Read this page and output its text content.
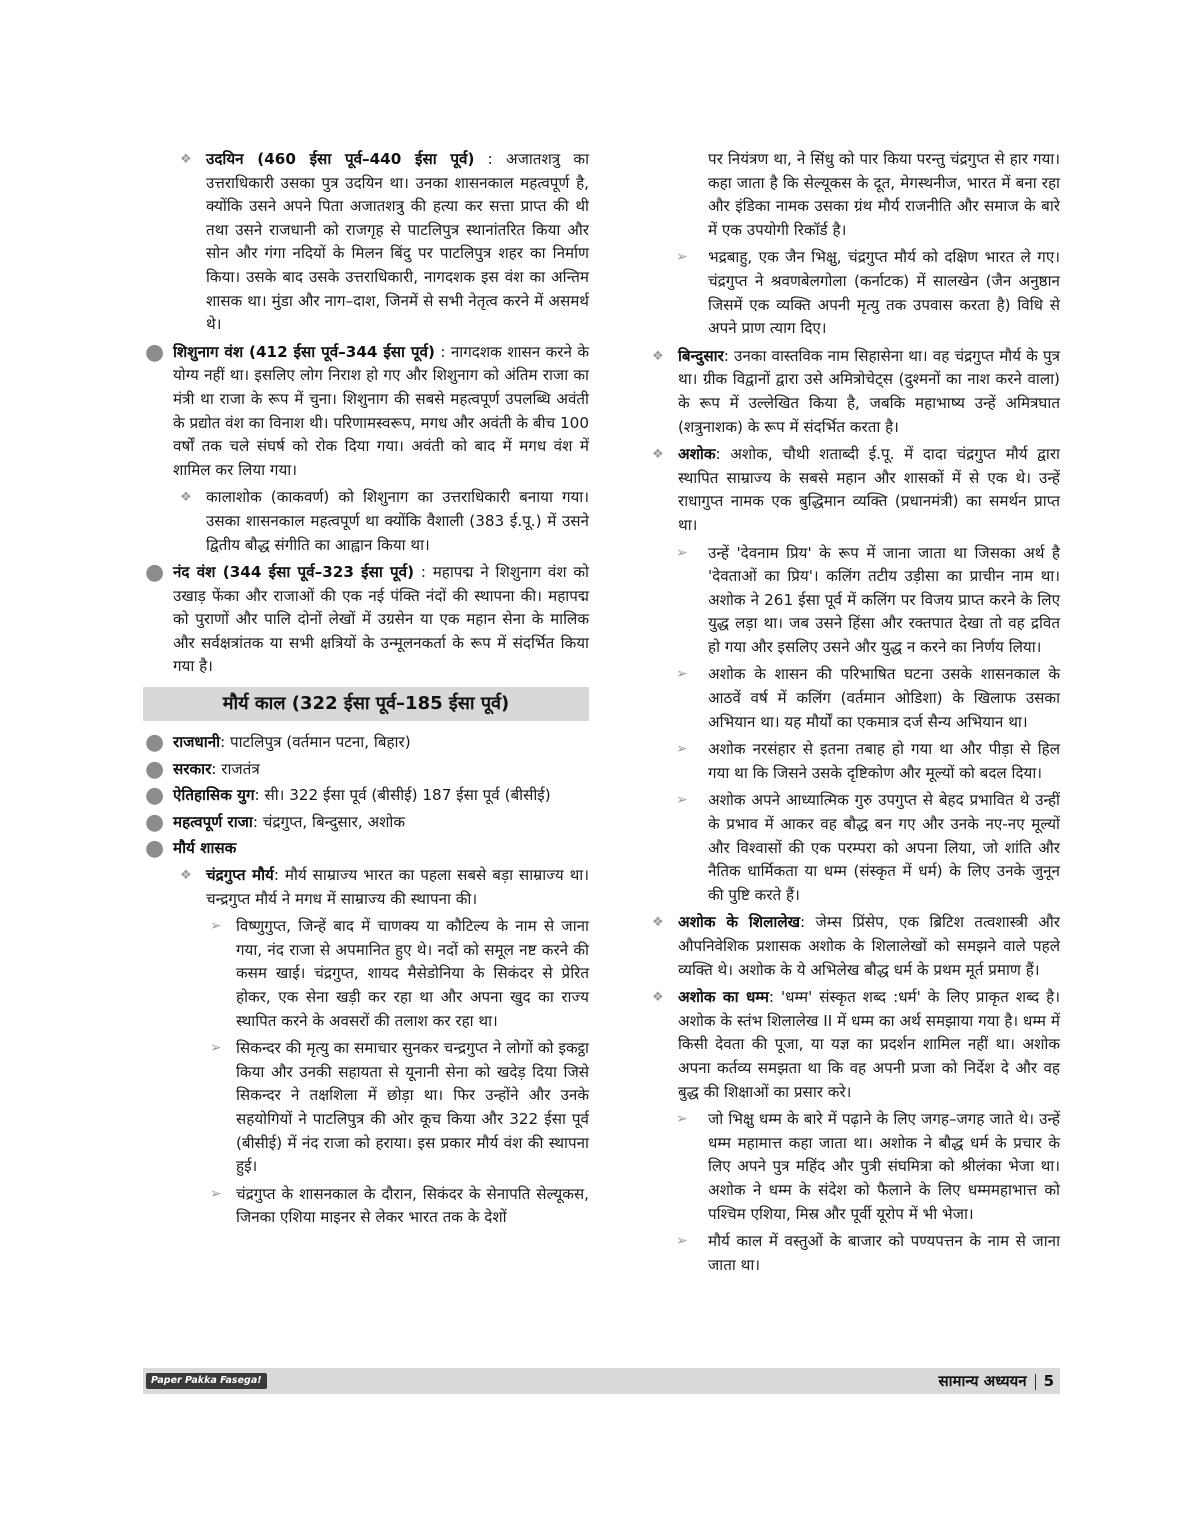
❖ उदयिन (460 ईसा पूर्व–440 ईसा पूर्व) : अजातशत्रु का उत्तराधिकारी उसका पुत्र उदयिन था। उनका शासनकाल महत्वपूर्ण है, क्योंकि उसने अपने पिता अजातशत्रु की हत्या कर सत्ता प्राप्त की थी तथा उसने राजधानी को राजगृह से पाटलिपुत्र स्थानांतरित किया और सोन और गंगा नदियों के मिलन बिंदु पर पाटलिपुत्र शहर का निर्माण किया। उसके बाद उसके उत्तराधिकारी, नागदशक इस वंश का अन्तिम शासक था। मुंडा और नाग–दाश, जिनमें से सभी नेतृत्व करने में असमर्थ थे।
● शिशुनाग वंश (412 ईसा पूर्व–344 ईसा पूर्व) : नागदशक शासन करने के योग्य नहीं था। इसलिए लोग निराश हो गए और शिशुनाग को अंतिम राजा का मंत्री था राजा के रूप में चुना। शिशुनाग की सबसे महत्वपूर्ण उपलब्धि अवंती के प्रद्योत वंश का विनाश थी। परिणामस्वरूप, मगध और अवंती के बीच 100 वर्षों तक चले संघर्ष को रोक दिया गया। अवंती को बाद में मगध वंश में शामिल कर लिया गया।
❖ कालाशोक (काकवर्ण) को शिशुनाग का उत्तराधिकारी बनाया गया। उसका शासनकाल महत्वपूर्ण था क्योंकि वैशाली (383 ई.पू.) में उसने द्वितीय बौद्ध संगीति का आह्वान किया था।
● नंद वंश (344 ईसा पूर्व–323 ईसा पूर्व) : महापद्म ने शिशुनाग वंश को उखाड़ फेंका और राजाओं की एक नई पंक्ति नंदों की स्थापना की। महापद्म को पुराणों और पालि दोनों लेखों में उग्रसेन या एक महान सेना के मालिक और सर्वक्षत्रांतक या सभी क्षत्रियों के उन्मूलनकर्ता के रूप में संदर्भित किया गया है।
मौर्य काल (322 ईसा पूर्व–185 ईसा पूर्व)
● राजधानी: पाटलिपुत्र (वर्तमान पटना, बिहार)
● सरकार: राजतंत्र
● ऐतिहासिक युग: सी। 322 ईसा पूर्व (बीसीई) 187 ईसा पूर्व (बीसीई)
● महत्वपूर्ण राजा: चंद्रगुप्त, बिन्दुसार, अशोक
● मौर्य शासक
❖ चंद्रगुप्त मौर्य: मौर्य साम्राज्य भारत का पहला सबसे बड़ा साम्राज्य था। चन्द्रगुप्त मौर्य ने मगध में साम्राज्य की स्थापना की।
➢ विष्णुगुप्त, जिन्हें बाद में चाणक्य या कौटिल्य के नाम से जाना गया, नंद राजा से अपमानित हुए थे। नदों को समूल नष्ट करने की कसम खाई। चंद्रगुप्त, शायद मैसेडोनिया के सिकंदर से प्रेरित होकर, एक सेना खड़ी कर रहा था और अपना खुद का राज्य स्थापित करने के अवसरों की तलाश कर रहा था।
➢ सिकन्दर की मृत्यु का समाचार सुनकर चन्द्रगुप्त ने लोगों को इकट्ठा किया और उनकी सहायता से यूनानी सेना को खदेड़ दिया जिसे सिकन्दर ने तक्षशिला में छोड़ा था। फिर उन्होंने और उनके सहयोगियों ने पाटलिपुत्र की ओर कूच किया और 322 ईसा पूर्व (बीसीई) में नंद राजा को हराया। इस प्रकार मौर्य वंश की स्थापना हुई।
➢ चंद्रगुप्त के शासनकाल के दौरान, सिकंदर के सेनापति सेल्यूकस, जिनका एशिया माइनर से लेकर भारत तक के देशों
पर नियंत्रण था, ने सिंधु को पार किया परन्तु चंद्रगुप्त से हार गया। कहा जाता है कि सेल्यूकस के दूत, मेगस्थनीज, भारत में बना रहा और इंडिका नामक उसका ग्रंथ मौर्य राजनीति और समाज के बारे में एक उपयोगी रिकॉर्ड है।
➢ भद्रबाहु, एक जैन भिक्षु, चंद्रगुप्त मौर्य को दक्षिण भारत ले गए। चंद्रगुप्त ने श्रवणबेलगोला (कर्नाटक) में सालखेन (जैन अनुष्ठान जिसमें एक व्यक्ति अपनी मृत्यु तक उपवास करता है) विधि से अपने प्राण त्याग दिए।
❖ बिन्दुसार: उनका वास्तविक नाम सिहासेना था। वह चंद्रगुप्त मौर्य के पुत्र था। ग्रीक विद्वानों द्वारा उसे अमित्रोचेट्स (दुश्मनों का नाश करने वाला) के रूप में उल्लेखित किया है, जबकि महाभाष्य उन्हें अमित्रघात (शत्रुनाशक) के रूप में संदर्भित करता है।
❖ अशोक: अशोक, चौथी शताब्दी ई.पू. में दादा चंद्रगुप्त मौर्य द्वारा स्थापित साम्राज्य के सबसे महान और शासकों में से एक थे। उन्हें राधागुप्त नामक एक बुद्धिमान व्यक्ति (प्रधानमंत्री) का समर्थन प्राप्त था।
➢ उन्हें 'देवनाम प्रिय' के रूप में जाना जाता था जिसका अर्थ है 'देवताओं का प्रिय'। कलिंग तटीय उड़ीसा का प्राचीन नाम था। अशोक ने 261 ईसा पूर्व में कलिंग पर विजय प्राप्त करने के लिए युद्ध लड़ा था। जब उसने हिंसा और रक्तपात देखा तो वह द्रवित हो गया और इसलिए उसने और युद्ध न करने का निर्णय लिया।
➢ अशोक के शासन की परिभाषित घटना उसके शासनकाल के आठवें वर्ष में कलिंग (वर्तमान ओडिशा) के खिलाफ उसका अभियान था। यह मौर्यों का एकमात्र दर्ज सैन्य अभियान था।
➢ अशोक नरसंहार से इतना तबाह हो गया था और पीड़ा से हिल गया था कि जिसने उसके दृष्टिकोण और मूल्यों को बदल दिया।
➢ अशोक अपने आध्यात्मिक गुरु उपगुप्त से बेहद प्रभावित थे उन्हीं के प्रभाव में आकर वह बौद्ध बन गए और उनके नए-नए मूल्यों और विश्वासों की एक परम्परा को अपना लिया, जो शांति और नैतिक धार्मिकता या धम्म (संस्कृत में धर्म) के लिए उनके जुनून की पुष्टि करते हैं।
❖ अशोक के शिलालेख: जेम्स प्रिंसेप, एक ब्रिटिश तत्वशास्त्री और औपनिवेशिक प्रशासक अशोक के शिलालेखों को समझने वाले पहले व्यक्ति थे। अशोक के ये अभिलेख बौद्ध धर्म के प्रथम मूर्त प्रमाण हैं।
❖ अशोक का धम्म: 'धम्म' संस्कृत शब्द :धर्म' के लिए प्राकृत शब्द है। अशोक के स्तंभ शिलालेख II में धम्म का अर्थ समझाया गया है। धम्म में किसी देवता की पूजा, या यज्ञ का प्रदर्शन शामिल नहीं था। अशोक अपना कर्तव्य समझता था कि वह अपनी प्रजा को निर्देश दे और वह बुद्ध की शिक्षाओं का प्रसार करे।
➢ जो भिक्षु धम्म के बारे में पढ़ाने के लिए जगह–जगह जाते थे। उन्हें धम्म महामात्त कहा जाता था। अशोक ने बौद्ध धर्म के प्रचार के लिए अपने पुत्र महिंद और पुत्री संघमित्रा को श्रीलंका भेजा था। अशोक ने धम्म के संदेश को फैलाने के लिए धम्ममहाभात्त को पश्चिम एशिया, मिस्र और पूर्वी यूरोप में भी भेजा।
➢ मौर्य काल में वस्तुओं के बाजार को पण्यपत्तन के नाम से जाना जाता था।
Paper Pakka Fasega!	सामान्य अध्ययन 5
